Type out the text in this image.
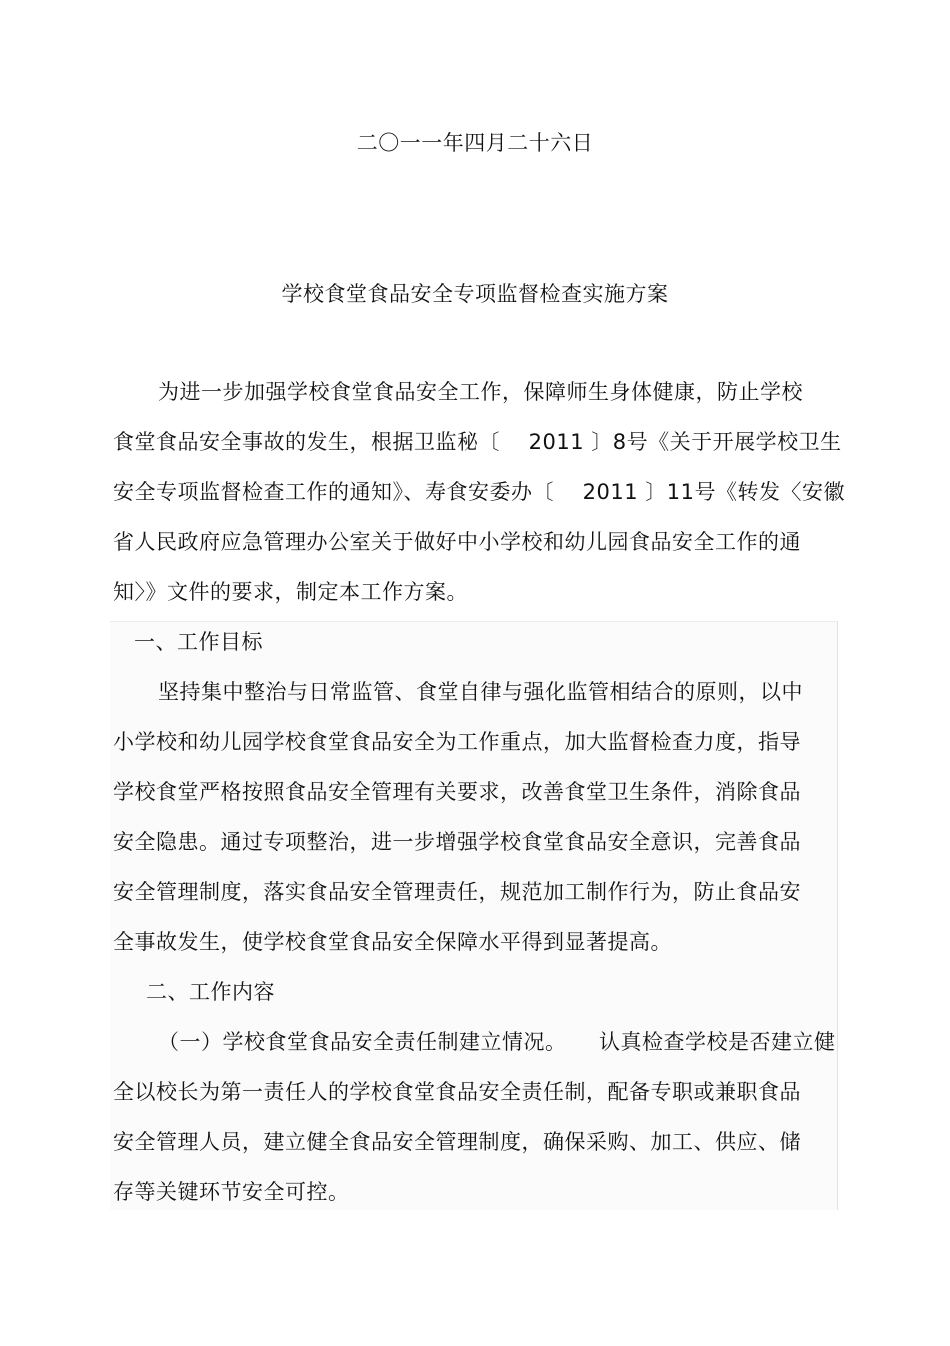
二〇一一年四月二十六日
学校食堂食品安全专项监督检查实施方案
为进一步加强学校食堂食品安全工作，保障师生身体健康，防止学校
食堂食品安全事故的发生，根据卫监秘〔　 2011 〕8号《关于开展学校卫生
安全专项监督检查工作的通知》、寿食安委办〔　 2011 〕11号《转发〈安徽
省人民政府应急管理办公室关于做好中小学校和幼儿园食品安全工作的通
知〉》文件的要求，制定本工作方案。
一、工作目标
坚持集中整治与日常监管、食堂自律与强化监管相结合的原则，以中
小学校和幼儿园学校食堂食品安全为工作重点，加大监督检查力度，指导
学校食堂严格按照食品安全管理有关要求，改善食堂卫生条件，消除食品
安全隐患。通过专项整治，进一步增强学校食堂食品安全意识，完善食品
安全管理制度，落实食品安全管理责任，规范加工制作行为，防止食品安
全事故发生，使学校食堂食品安全保障水平得到显著提高。
二、工作内容
（一）学校食堂食品安全责任制建立情况。　　认真检查学校是否建立健
全以校长为第一责任人的学校食堂食品安全责任制，配备专职或兼职食品
安全管理人员，建立健全食品安全管理制度，确保采购、加工、供应、储
存等关键环节安全可控。
